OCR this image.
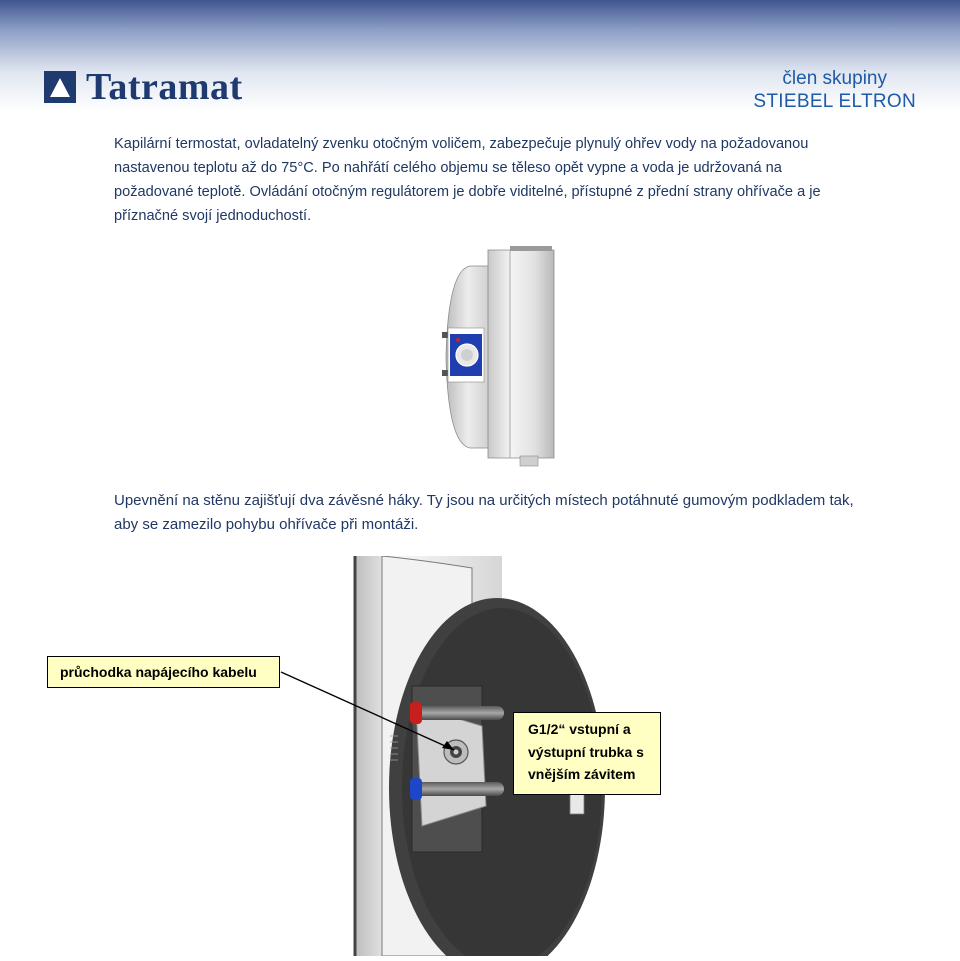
Tatramat	člen skupiny
STIEBEL ELTRON

Kapilární termostat, ovladatelný zvenku otočným voličem, zabezpečuje plynulý ohřev vody na požadovanou nastavenou teplotu až do 75°C. Po nahřátí celého objemu se těleso opět vypne a voda je udržovaná na požadované teplotě. Ovládání otočným regulátorem je dobře viditelné, přístupné z přední strany ohřívače a je příznačné svojí jednoduchostí.

Upevnění na stěnu zajišťují dva závěsné háky. Ty jsou na určitých místech potáhnuté gumovým podkladem tak, aby se zamezilo pohybu ohřívače při montáži.

průchodka napájecího kabelu
G1/2“ vstupní a
výstupní trubka s
vnějším závitem
